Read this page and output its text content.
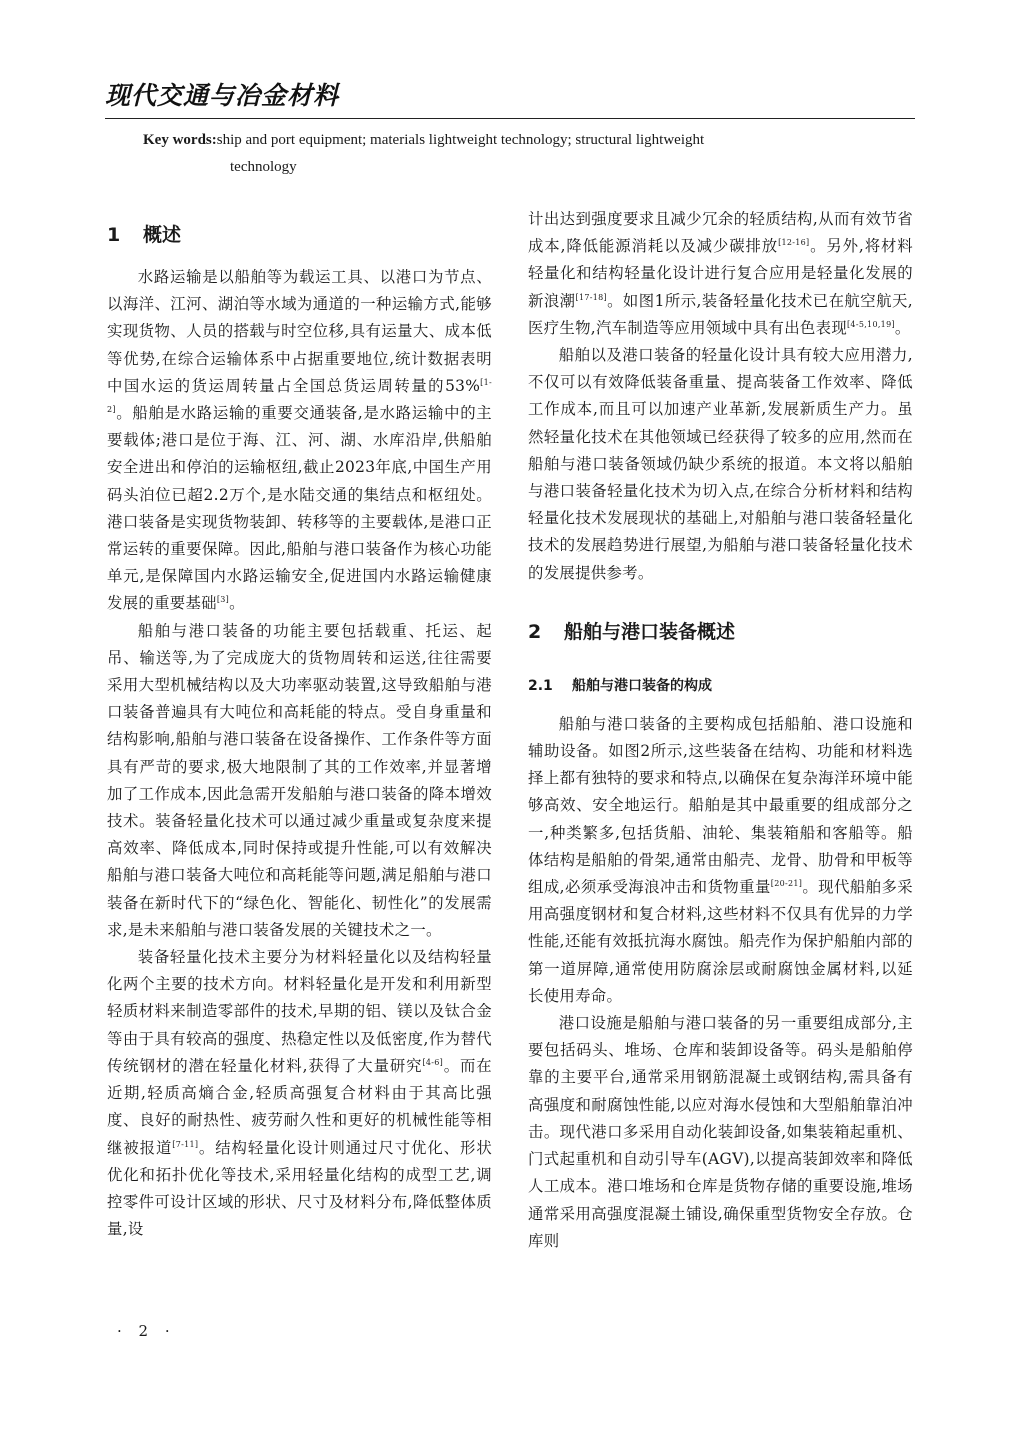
现代交通与冶金材料
Key words:ship and port equipment; materials lightweight technology; structural lightweight
technology
1 概述

水路运输是以船舶等为载运工具、以港口为节点、以海洋、江河、湖泊等水域为通道的一种运输方式,能够实现货物、人员的搭载与时空位移,具有运量大、成本低等优势,在综合运输体系中占据重要地位,统计数据表明中国水运的货运周转量占全国总货运周转量的53%[1-2]。船舶是水路运输的重要交通装备,是水路运输中的主要载体;港口是位于海、江、河、湖、水库沿岸,供船舶安全进出和停泊的运输枢纽,截止2023年底,中国生产用码头泊位已超2.2万个,是水陆交通的集结点和枢纽处。港口装备是实现货物装卸、转移等的主要载体,是港口正常运转的重要保障。因此,船舶与港口装备作为核心功能单元,是保障国内水路运输安全,促进国内水路运输健康发展的重要基础[3]。

船舶与港口装备的功能主要包括载重、托运、起吊、输送等,为了完成庞大的货物周转和运送,往往需要采用大型机械结构以及大功率驱动装置,这导致船舶与港口装备普遍具有大吨位和高耗能的特点。受自身重量和结构影响,船舶与港口装备在设备操作、工作条件等方面具有严苛的要求,极大地限制了其的工作效率,并显著增加了工作成本,因此急需开发船舶与港口装备的降本增效技术。装备轻量化技术可以通过减少重量或复杂度来提高效率、降低成本,同时保持或提升性能,可以有效解决船舶与港口装备大吨位和高耗能等问题,满足船舶与港口装备在新时代下的“绿色化、智能化、韧性化”的发展需求,是未来船舶与港口装备发展的关键技术之一。

装备轻量化技术主要分为材料轻量化以及结构轻量化两个主要的技术方向。材料轻量化是开发和利用新型轻质材料来制造零部件的技术,早期的铝、镁以及钛合金等由于具有较高的强度、热稳定性以及低密度,作为替代传统钢材的潜在轻量化材料,获得了大量研究[4-6]。而在近期,轻质高熵合金,轻质高强复合材料由于其高比强度、良好的耐热性、疲劳耐久性和更好的机械性能等相继被报道[7-11]。结构轻量化设计则通过尺寸优化、形状优化和拓扑优化等技术,采用轻量化结构的成型工艺,调控零件可设计区域的形状、尺寸及材料分布,降低整体质量,设

计出达到强度要求且减少冗余的轻质结构,从而有效节省成本,降低能源消耗以及减少碳排放[12-16]。另外,将材料轻量化和结构轻量化设计进行复合应用是轻量化发展的新浪潮[17-18]。如图1所示,装备轻量化技术已在航空航天,医疗生物,汽车制造等应用领域中具有出色表现[4-5,10,19]。

船舶以及港口装备的轻量化设计具有较大应用潜力,不仅可以有效降低装备重量、提高装备工作效率、降低工作成本,而且可以加速产业革新,发展新质生产力。虽然轻量化技术在其他领域已经获得了较多的应用,然而在船舶与港口装备领域仍缺少系统的报道。本文将以船舶与港口装备轻量化技术为切入点,在综合分析材料和结构轻量化技术发展现状的基础上,对船舶与港口装备轻量化技术的发展趋势进行展望,为船舶与港口装备轻量化技术的发展提供参考。

2 船舶与港口装备概述
2.1 船舶与港口装备的构成

船舶与港口装备的主要构成包括船舶、港口设施和辅助设备。如图2所示,这些装备在结构、功能和材料选择上都有独特的要求和特点,以确保在复杂海洋环境中能够高效、安全地运行。船舶是其中最重要的组成部分之一,种类繁多,包括货船、油轮、集装箱船和客船等。船体结构是船舶的骨架,通常由船壳、龙骨、肋骨和甲板等组成,必须承受海浪冲击和货物重量[20-21]。现代船舶多采用高强度钢材和复合材料,这些材料不仅具有优异的力学性能,还能有效抵抗海水腐蚀。船壳作为保护船舶内部的第一道屏障,通常使用防腐涂层或耐腐蚀金属材料,以延长使用寿命。

港口设施是船舶与港口装备的另一重要组成部分,主要包括码头、堆场、仓库和装卸设备等。码头是船舶停靠的主要平台,通常采用钢筋混凝土或钢结构,需具备有高强度和耐腐蚀性能,以应对海水侵蚀和大型船舶靠泊冲击。现代港口多采用自动化装卸设备,如集装箱起重机、门式起重机和自动引导车(AGV),以提高装卸效率和降低人工成本。港口堆场和仓库是货物存储的重要设施,堆场通常采用高强度混凝土铺设,确保重型货物安全存放。仓库则

· 2 ·
